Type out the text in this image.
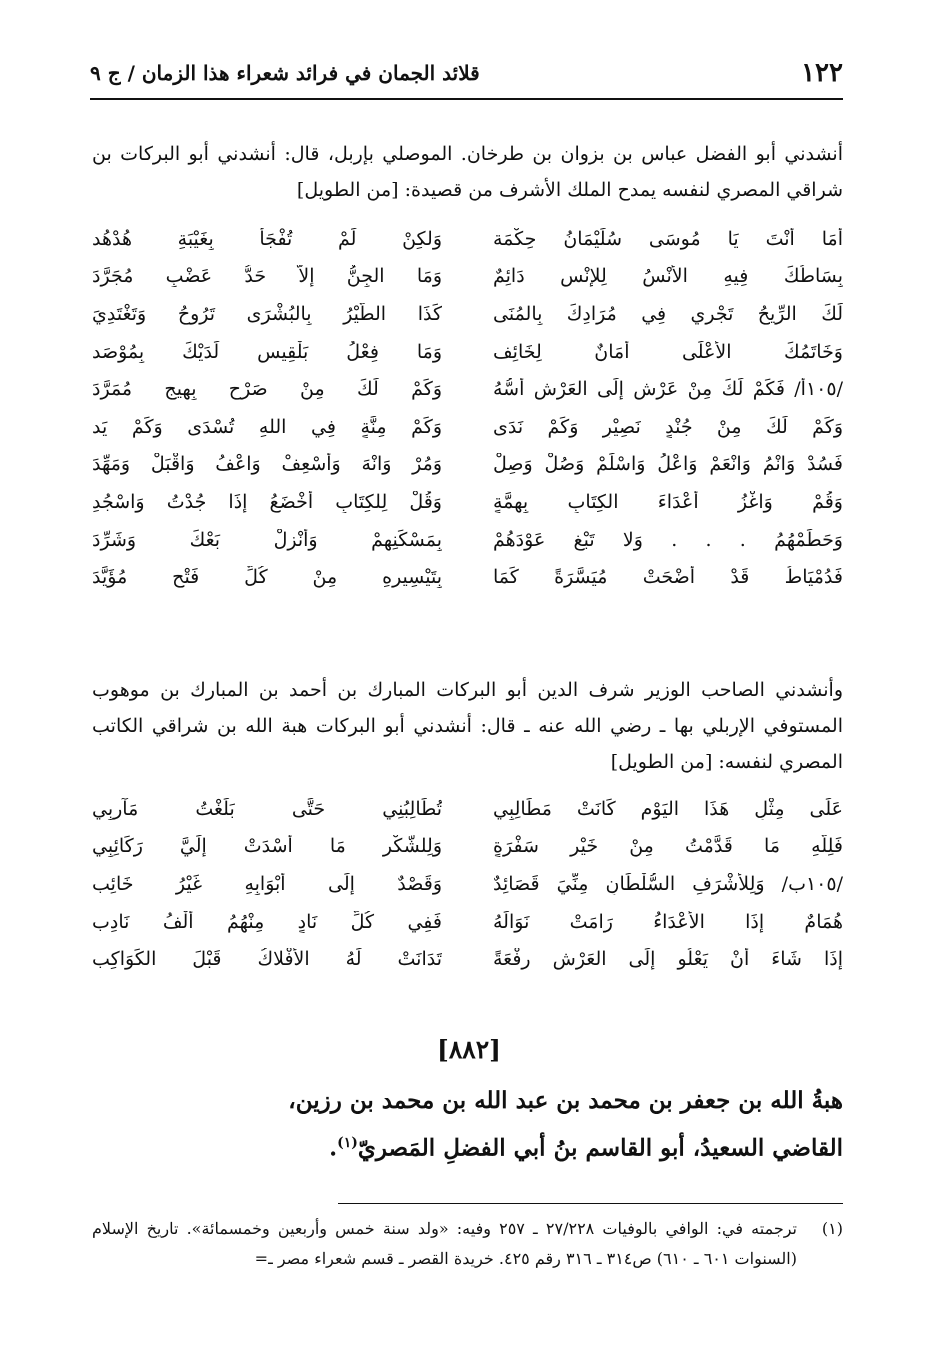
١٢٢
قلائد الجمان في فرائد شعراء هذا الزمان / ج ٩
أنشدني أبو الفضل عباس بن بزوان بن طرخان. الموصلي بإربل، قال: أنشدني أبو البركات بن شراقي المصري لنفسه يمدح الملك الأشرف من قصيدة: [من الطويل]
أمَا أنْتَ يَا مُوسَى سُلَيْمَانُ حِكْمَة
وَلكِنْ لَمْ تُفْجَأْ بِغَيْبَةِ هُدْهُد
بِسَاطُكَ فِيهِ الأُنْسُ لِلإِنْسِ دَائِمٌ
وَمَا الجِنُّ إِلاَّ حَدُّ عَضْبٍ مُجَرَّدَ
لَكَ الرِّيحُ تَجْرِي فِي مُرَادِكَ بِالمُنَى
كَذَا الطَّيْرُ بِالبُشْرَى تَرُوحُ وَتَغْتَدِيَ
وَخَاتَمُكَ الأَعْلَى أَمَانٌ لِخَائِف
وَمَا فِعْلُ بَلْقِيسٍ لَدَيْكَ بِمُوْصَد
/١٠٥أ/ فَكَمْ لَكَ مِنْ عَرْشٍ إِلَى العَرْشِ أُسُّهُ
وَكَمْ لَكَ مِنْ صَرْحٍ بِهِيجٍ مُمَرَّدَ
وَكَمْ لَكَ مِنْ جُنْدٍ نَصِيْرٍ وَكَمْ نَدَى
وَكَمْ مِنَّةٍ فِي اللهِ تُسْدَى وَكَمْ يَد
فَسُدْ وَانْمُ وَانْعَمْ وَاعْلُ وَاسْلَمْ وَصُلْ وَصِلْ
وَمُرْ وَانْهَ وَأَسْعِفْ وَاعْفُ وَاقْبَلْ وَمَهِّدَ
وَقُمْ وَاغْزُ أَعْدَاءَ الكِتَابِ بِهِمَّةٍ
وَقُلْ لِلكِتَابِ أَخْضَعُ إِذَا جُدْتُ وَاسْجُدِ
وَحَطِّمْهُمُ . . . وَلا تَبْغِ عَوْدَهُمْ
بِمَسْكَنِهِمْ وَأَنْزِلْ بَعْكَ وَشَرِّدَ
فَدُمْيَاطُ قَدْ أَضْحَتْ مُيَسَّرَةً كَمَا
بِتَيْسِيرِهِ مِنْ كُلِّ فَتْحٍ مُؤَيَّدَ
وأنشدني الصاحب الوزير شرف الدين أبو البركات المبارك بن أحمد بن المبارك بن موهوب المستوفي الإربلي بها ـ رضي الله عنه ـ قال: أنشدني أبو البركات هبة الله بن شراقي الكاتب المصري لنفسه: [من الطويل]
عَلَى مِثْلِ هَذَا اليَوْمِ كَانَتْ مَطَالِبِي
تُطَالِبُنِي حَتَّى بَلَغْتُ مَآرِبِي
فَلِلَّهِ مَا قَدَّمْتُ مِنْ خَيْرِ سَفْرَةٍ
وَلِلشُّكْرِ مَا أَسْدَتْ إِلَيَّ رَكَائِبِي
/١٠٥ب/ وَلِلأَشْرَفِ السُّلْطَانِ مِنِّيَ قَصَائِدٌ
وَقَصْدٌ إِلَى أَبْوَابِهِ غَيْرُ خَائِب
هُمَامٌ إِذَا الأَعْدَاءُ رَامَتْ نَوَالَهُ
فَفِي كُلِّ نَادٍ مِنْهُمُ أَلْفُ نَادِب
إِذَا شَاءَ أَنْ يَعْلُو إِلَى العَرْشِ رِفْعَةً
تَدَانَتْ لَهُ الأَفْلاكُ قَبْلَ الكَوَاكِب
[٨٨٢]
هبةُ الله بن جعفر بن محمد بن عبد الله بن محمد بن رزين،
القاضي السعيدُ، أبو القاسم بنُ أبي الفضلِ المَصريّ$^{(١)}$.
(١)
ترجمته في: الوافي بالوفيات ٢٧/٢٢٨ ـ ٢٥٧ وفيه: «ولد سنة خمس وأربعين وخمسمائة». تاريخ الإسلام (السنوات ٦٠١ ـ ٦١٠) ص٣١٤ ـ ٣١٦ رقم ٤٢٥. خريدة القصر ـ قسم شعراء مصر ـ=
